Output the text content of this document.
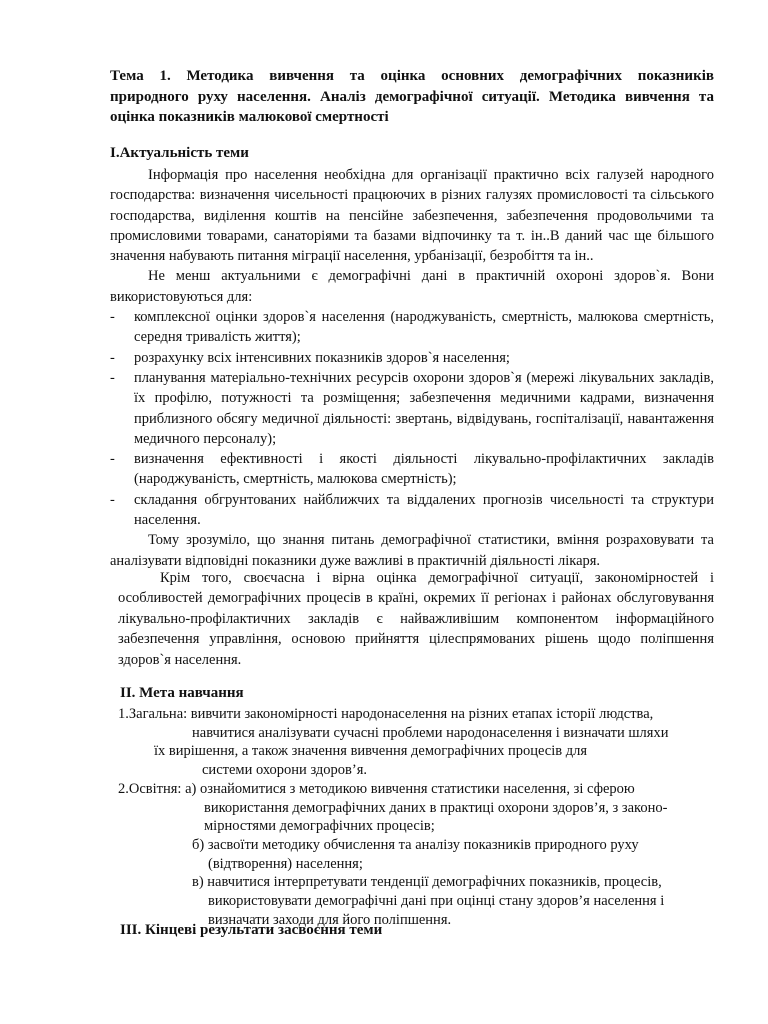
Тема 1. Методика вивчення та оцінка основних демографічних показників
природного руху населення. Аналіз демографічної ситуації. Методика вивчення та
оцінка показників малюкової смертності
І.Актуальність теми

Інформація про населення необхідна для організації практично всіх галузей народного господарства: визначення чисельності працюючих в різних галузях промисловості та сільського господарства, виділення коштів на пенсійне забезпечення, забезпечення продовольчими та промисловими товарами, санаторіями та базами відпочинку та т. ін..В даний час ще більшого значення набувають питання міграції населення, урбанізації, безробіття та ін..

Не менш актуальними є демографічні дані в практичній охороні здоров`я. Вони використовуються для:

- комплексної оцінки здоров`я населення (народжуваність, смертність, малюкова смертність, середня тривалість життя);
- розрахунку всіх інтенсивних показників здоров`я населення;
- планування матеріально-технічних ресурсів охорони здоров`я (мережі лікувальних закладів, їх профілю, потужності та розміщення; забезпечення медичними кадрами, визначення приблизного обсягу медичної діяльності: звертань, відвідувань, госпіталізації, навантаження медичного персоналу);
- визначення ефективності і якості діяльності лікувально-профілактичних закладів (народжуваність, смертність, малюкова смертність);
- складання обгрунтованих найближчих та віддалених прогнозів чисельності та структури населення.

Тому зрозуміло, що знання питань демографічної статистики, вміння розраховувати та аналізувати відповідні показники дуже важливі в практичній діяльності лікаря.

Крім того, своєчасна і вірна оцінка демографічної ситуації, закономірностей і особливостей демографічних процесів в країні, окремих її регіонах і районах обслуговування лікувально-профілактичних закладів є найважливішим компонентом інформаційного забезпечення управління, основою прийняття цілеспрямованих рішень щодо поліпшення здоров`я населення.

ІІ. Мета навчання
1.Загальна: вивчити закономірності народонаселення на різних етапах історії людства,
навчитися аналізувати сучасні проблеми народонаселення і визначати шляхи
їх вирішення, а також значення вивчення демографічних процесів для
системи охорони здоров’я.
2.Освітня: а) ознайомитися з методикою вивчення статистики населення, зі сферою
використання демографічних даних в практиці охорони здоров’я, з законо-
мірностями демографічних процесів;
б) засвоїти методику обчислення та аналізу показників природного руху
(відтворення) населення;
в) навчитися інтерпретувати тенденції демографічних показників, процесів,
використовувати демографічні дані при оцінці стану здоров’я населення і
визначати заходи для його поліпшення.
ІІІ. Кінцеві результати засвоєння теми
